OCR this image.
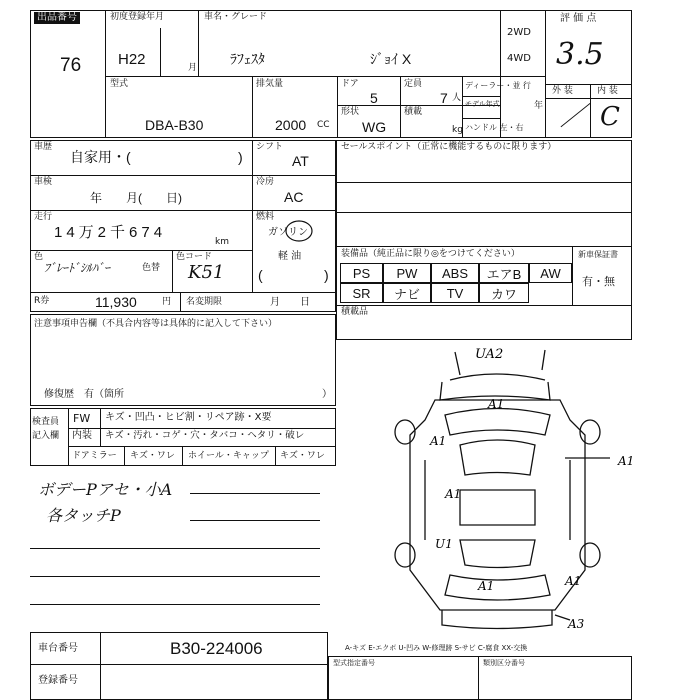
出品番号
76
初度登録年月
H22	月
車名・グレード
ﾗﾌｪｽﾀ	ｼﾞｮｲ X
2WD
4WD
評 価 点
3.5
外 装	内 装
／ C
型式
DBA-B30
排気量
2000 CC
ドア
5
定員
7 人
形状
WG
積載
kg
ディーラー・並 行
モデル年式	年
ハンドル 左・右
車歴
自家用・(	)
シフト
AT
車検
年　　月(　　日)
冷房
AC
走行
14万2千674
km
燃料
ガソリン
軽 油
(	)
色
ﾌﾞﾚｰﾄﾞｼﾙﾊﾞｰ	色替
色コード
K51
R券	11,930	円 名変期限	月　　日
セールスポイント（正常に機能するものに限ります）
装備品（純正品に限り◎をつけてください）	新車保証書
PS	PW	ABS	エアB	AW
SR	ナビ	TV	カワ
有・無
積載品
注意事項申告欄（不具合内容等は具体的に記入して下さい）
修復歴　有（箇所	）
検査員
記入欄
FW キズ・凹凸・ヒビ割・リペア跡・X要
内装 キズ・汚れ・コゲ・穴・タバコ・ヘタリ・破レ
ドアミラー キズ・ワレ ホイール・キャップ キズ・ワレ
ボデーPアセ・小A
各タッチP
UA2
A1
A1
A1
A1
U1
A1	A1
A3
車台番号	B30-224006
登録番号
A-キズ E-エクボ U-凹み W-修理跡 S-サビ C-腐食 XX-交換
型式指定番号	類別区分番号
